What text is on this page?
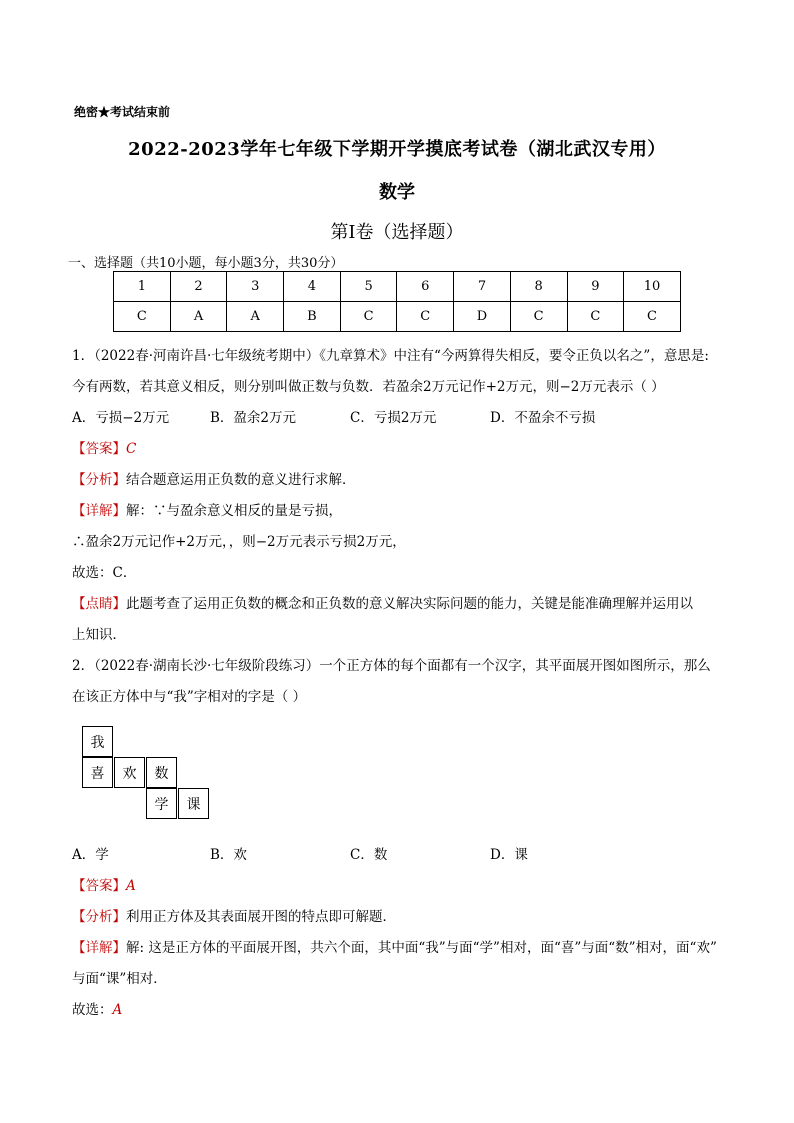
绝密★考试结束前
2022-2023学年七年级下学期开学摸底考试卷（湖北武汉专用）
数学
第Ⅰ卷（选择题）
一、选择题（共10小题，每小题3分，共30分）
1	2	3	4	5	6	7	8	9	10
C	A	A	B	C	C	D	C	C	C
1．（2022春·河南许昌·七年级统考期中）《九章算术》中注有“今两算得失相反，要令正负以名之”，意思是:
今有两数，若其意义相反，则分别叫做正数与负数．若盈余2万元记作+2万元，则−2万元表示（ ）
A．亏损−2万元	B．盈余2万元	C．亏损2万元	D．不盈余不亏损
【答案】C
【分析】结合题意运用正负数的意义进行求解．
【详解】解：∵与盈余意义相反的量是亏损，
∴盈余2万元记作+2万元，，则−2万元表示亏损2万元，
故选：C．
【点睛】此题考查了运用正负数的概念和正负数的意义解决实际问题的能力，关键是能准确理解并运用以
上知识．
2．（2022春·湖南长沙·七年级阶段练习）一个正方体的每个面都有一个汉字，其平面展开图如图所示，那么
在该正方体中与“我”字相对的字是（ ）
我
喜	欢	数
学	课
A．学	B．欢	C．数	D．课
【答案】A
【分析】利用正方体及其表面展开图的特点即可解题．
【详解】解: 这是正方体的平面展开图，共六个面，其中面“我”与面“学”相对，面“喜”与面“数”相对，面“欢”
与面“课”相对．
故选：A
